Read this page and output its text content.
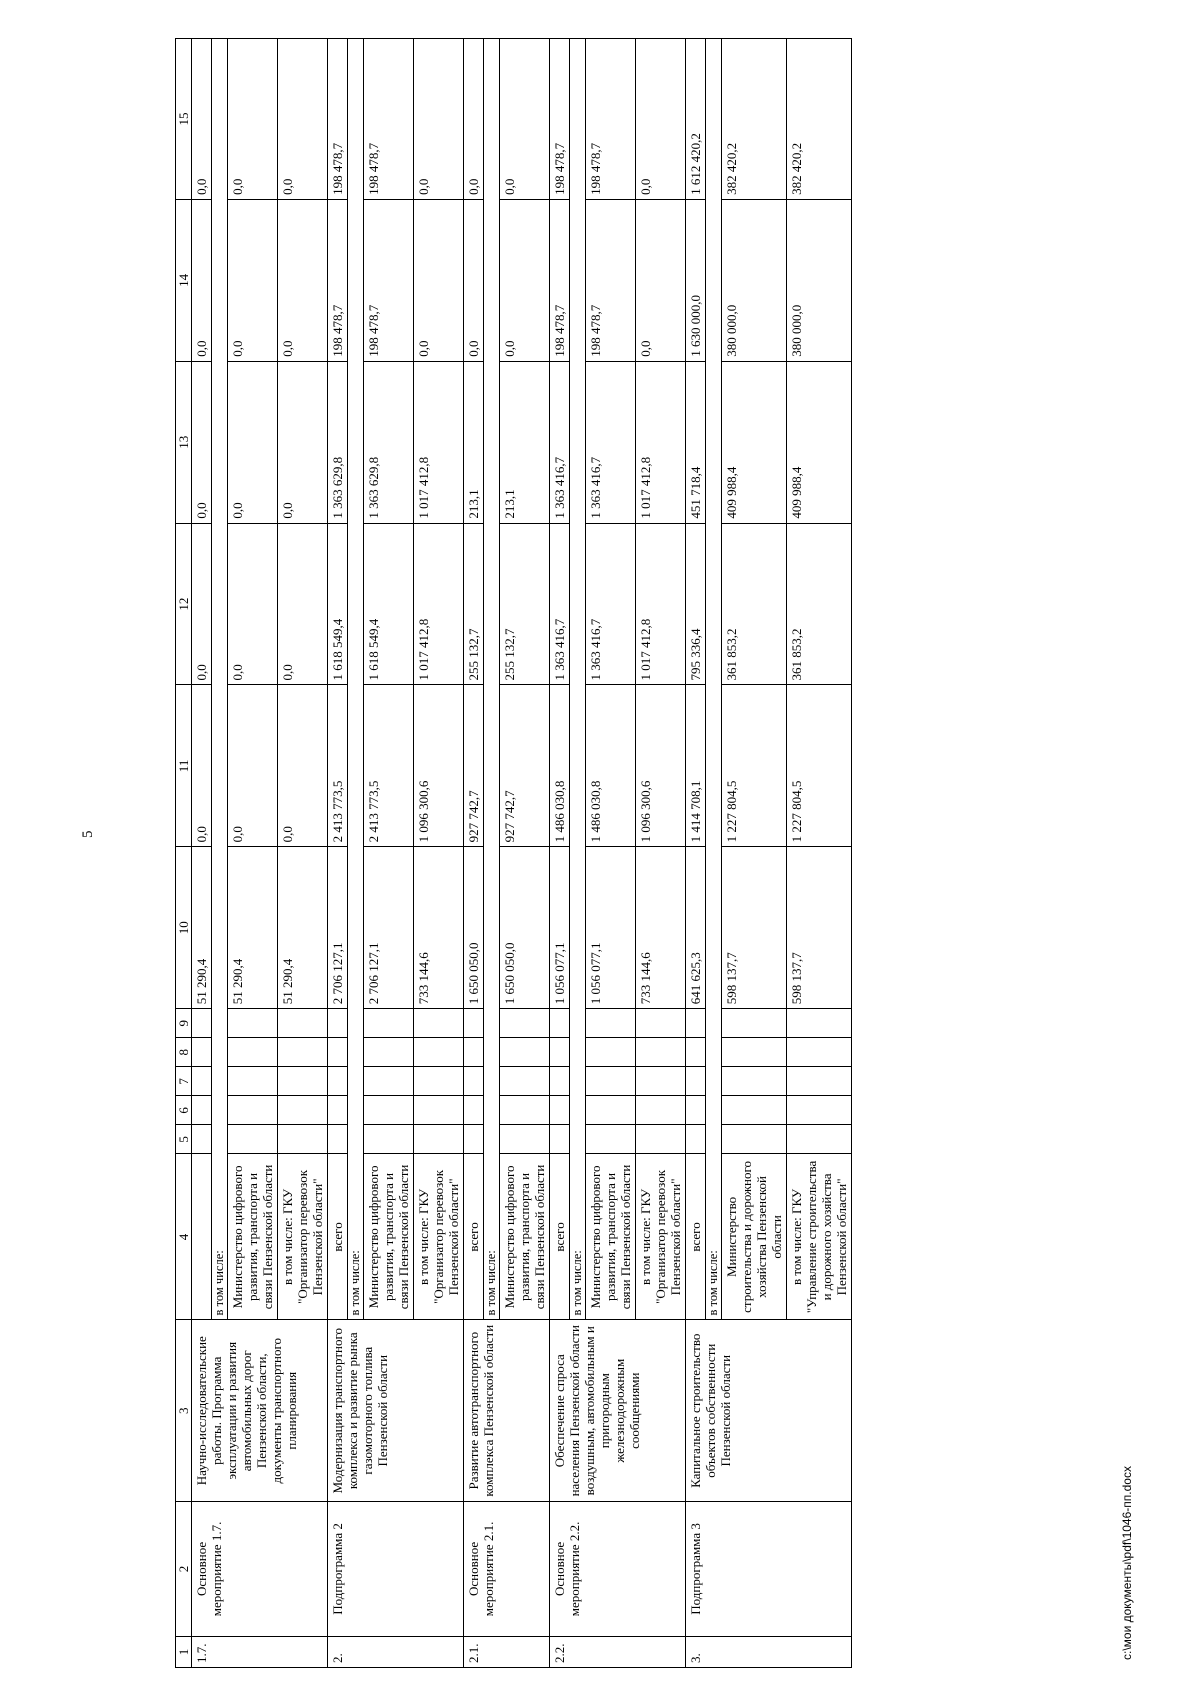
5
c:\мои документы\pdf\1046-пп.docx
1	2	3	4	5	6	7	8	9	10	11	12	13	14	15
1.7.	Основное мероприятие 1.7.	Научно-исследовательские работы. Программа эксплуатации и развития автомобильных дорог Пензенской области, документы транспортного планирования							51 290,4	0,0	0,0	0,0	0,0	0,0
			в том числе:											
			Министерство цифрового развития, транспорта и связи Пензенской области						51 290,4	0,0	0,0	0,0	0,0	0,0
			в том числе: ГКУ "Организатор перевозок Пензенской области"						51 290,4	0,0	0,0	0,0	0,0	0,0
2.	Подпрограмма 2	Модернизация транспортного комплекса и развитие рынка газомоторного топлива Пензенской области	всего						2 706 127,1	2 413 773,5	1 618 549,4	1 363 629,8	198 478,7	198 478,7
			в том числе:											
			Министерство цифрового развития, транспорта и связи Пензенской области						2 706 127,1	2 413 773,5	1 618 549,4	1 363 629,8	198 478,7	198 478,7
			в том числе: ГКУ "Организатор перевозок Пензенской области"						733 144,6	1 096 300,6	1 017 412,8	1 017 412,8	0,0	0,0
2.1.	Основное мероприятие 2.1.	Развитие автотранспортного комплекса Пензенской области	всего						1 650 050,0	927 742,7	255 132,7	213,1	0,0	0,0
			в том числе:											
			Министерство цифрового развития, транспорта и связи Пензенской области						1 650 050,0	927 742,7	255 132,7	213,1	0,0	0,0
2.2.	Основное мероприятие 2.2.	Обеспечение спроса населения Пензенской области воздушным, автомобильным и пригородным железнодорожным сообщениями	всего						1 056 077,1	1 486 030,8	1 363 416,7	1 363 416,7	198 478,7	198 478,7
			в том числе:											
			Министерство цифрового развития, транспорта и связи Пензенской области						1 056 077,1	1 486 030,8	1 363 416,7	1 363 416,7	198 478,7	198 478,7
			в том числе: ГКУ "Организатор перевозок Пензенской области"						733 144,6	1 096 300,6	1 017 412,8	1 017 412,8	0,0	0,0
3.	Подпрограмма 3	Капитальное строительство объектов собственности Пензенской области	всего						641 625,3	1 414 708,1	795 336,4	451 718,4	1 630 000,0	1 612 420,2
			в том числе:											
			Министерство строительства и дорожного хозяйства Пензенской области						598 137,7	1 227 804,5	361 853,2	409 988,4	380 000,0	382 420,2
			в том числе: ГКУ "Управление строительства и дорожного хозяйства Пензенской области"						598 137,7	1 227 804,5	361 853,2	409 988,4	380 000,0	382 420,2
